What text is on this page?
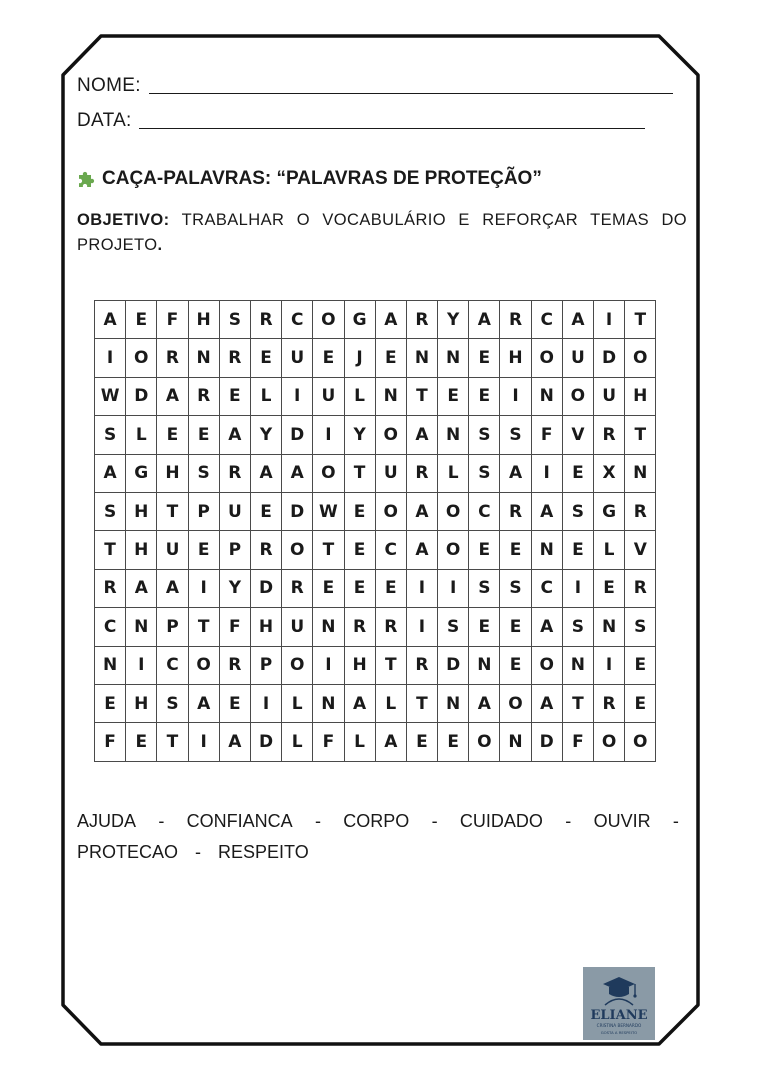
NOME:
DATA:
CAÇA-PALAVRAS: “PALAVRAS DE PROTEÇÃO”
OBJETIVO: TRABALHAR O VOCABULÁRIO E REFORÇAR TEMAS DO PROJETO.
A	E	F	H	S	R	C	O	G	A	R	Y	A	R	C	A	I	T
I	O	R	N	R	E	U	E	J	E	N	N	E	H	O	U	D	O
W	D	A	R	E	L	I	U	L	N	T	E	E	I	N	O	U	H
S	L	E	E	A	Y	D	I	Y	O	A	N	S	S	F	V	R	T
A	G	H	S	R	A	A	O	T	U	R	L	S	A	I	E	X	N
S	H	T	P	U	E	D	W	E	O	A	O	C	R	A	S	G	R
T	H	U	E	P	R	O	T	E	C	A	O	E	E	N	E	L	V
R	A	A	I	Y	D	R	E	E	E	I	I	S	S	C	I	E	R
C	N	P	T	F	H	U	N	R	R	I	S	E	E	A	S	N	S
N	I	C	O	R	P	O	I	H	T	R	D	N	E	O	N	I	E
E	H	S	A	E	I	L	N	A	L	T	N	A	O	A	T	R	E
F	E	T	I	A	D	L	F	L	A	E	E	O	N	D	F	O	O
AJUDA - CONFIANCA - CORPO - CUIDADO - OUVIR -
PROTECAO - RESPEITO
ELIANE
CRISTINA BERNARDO
GOSTA A RESPEITO
